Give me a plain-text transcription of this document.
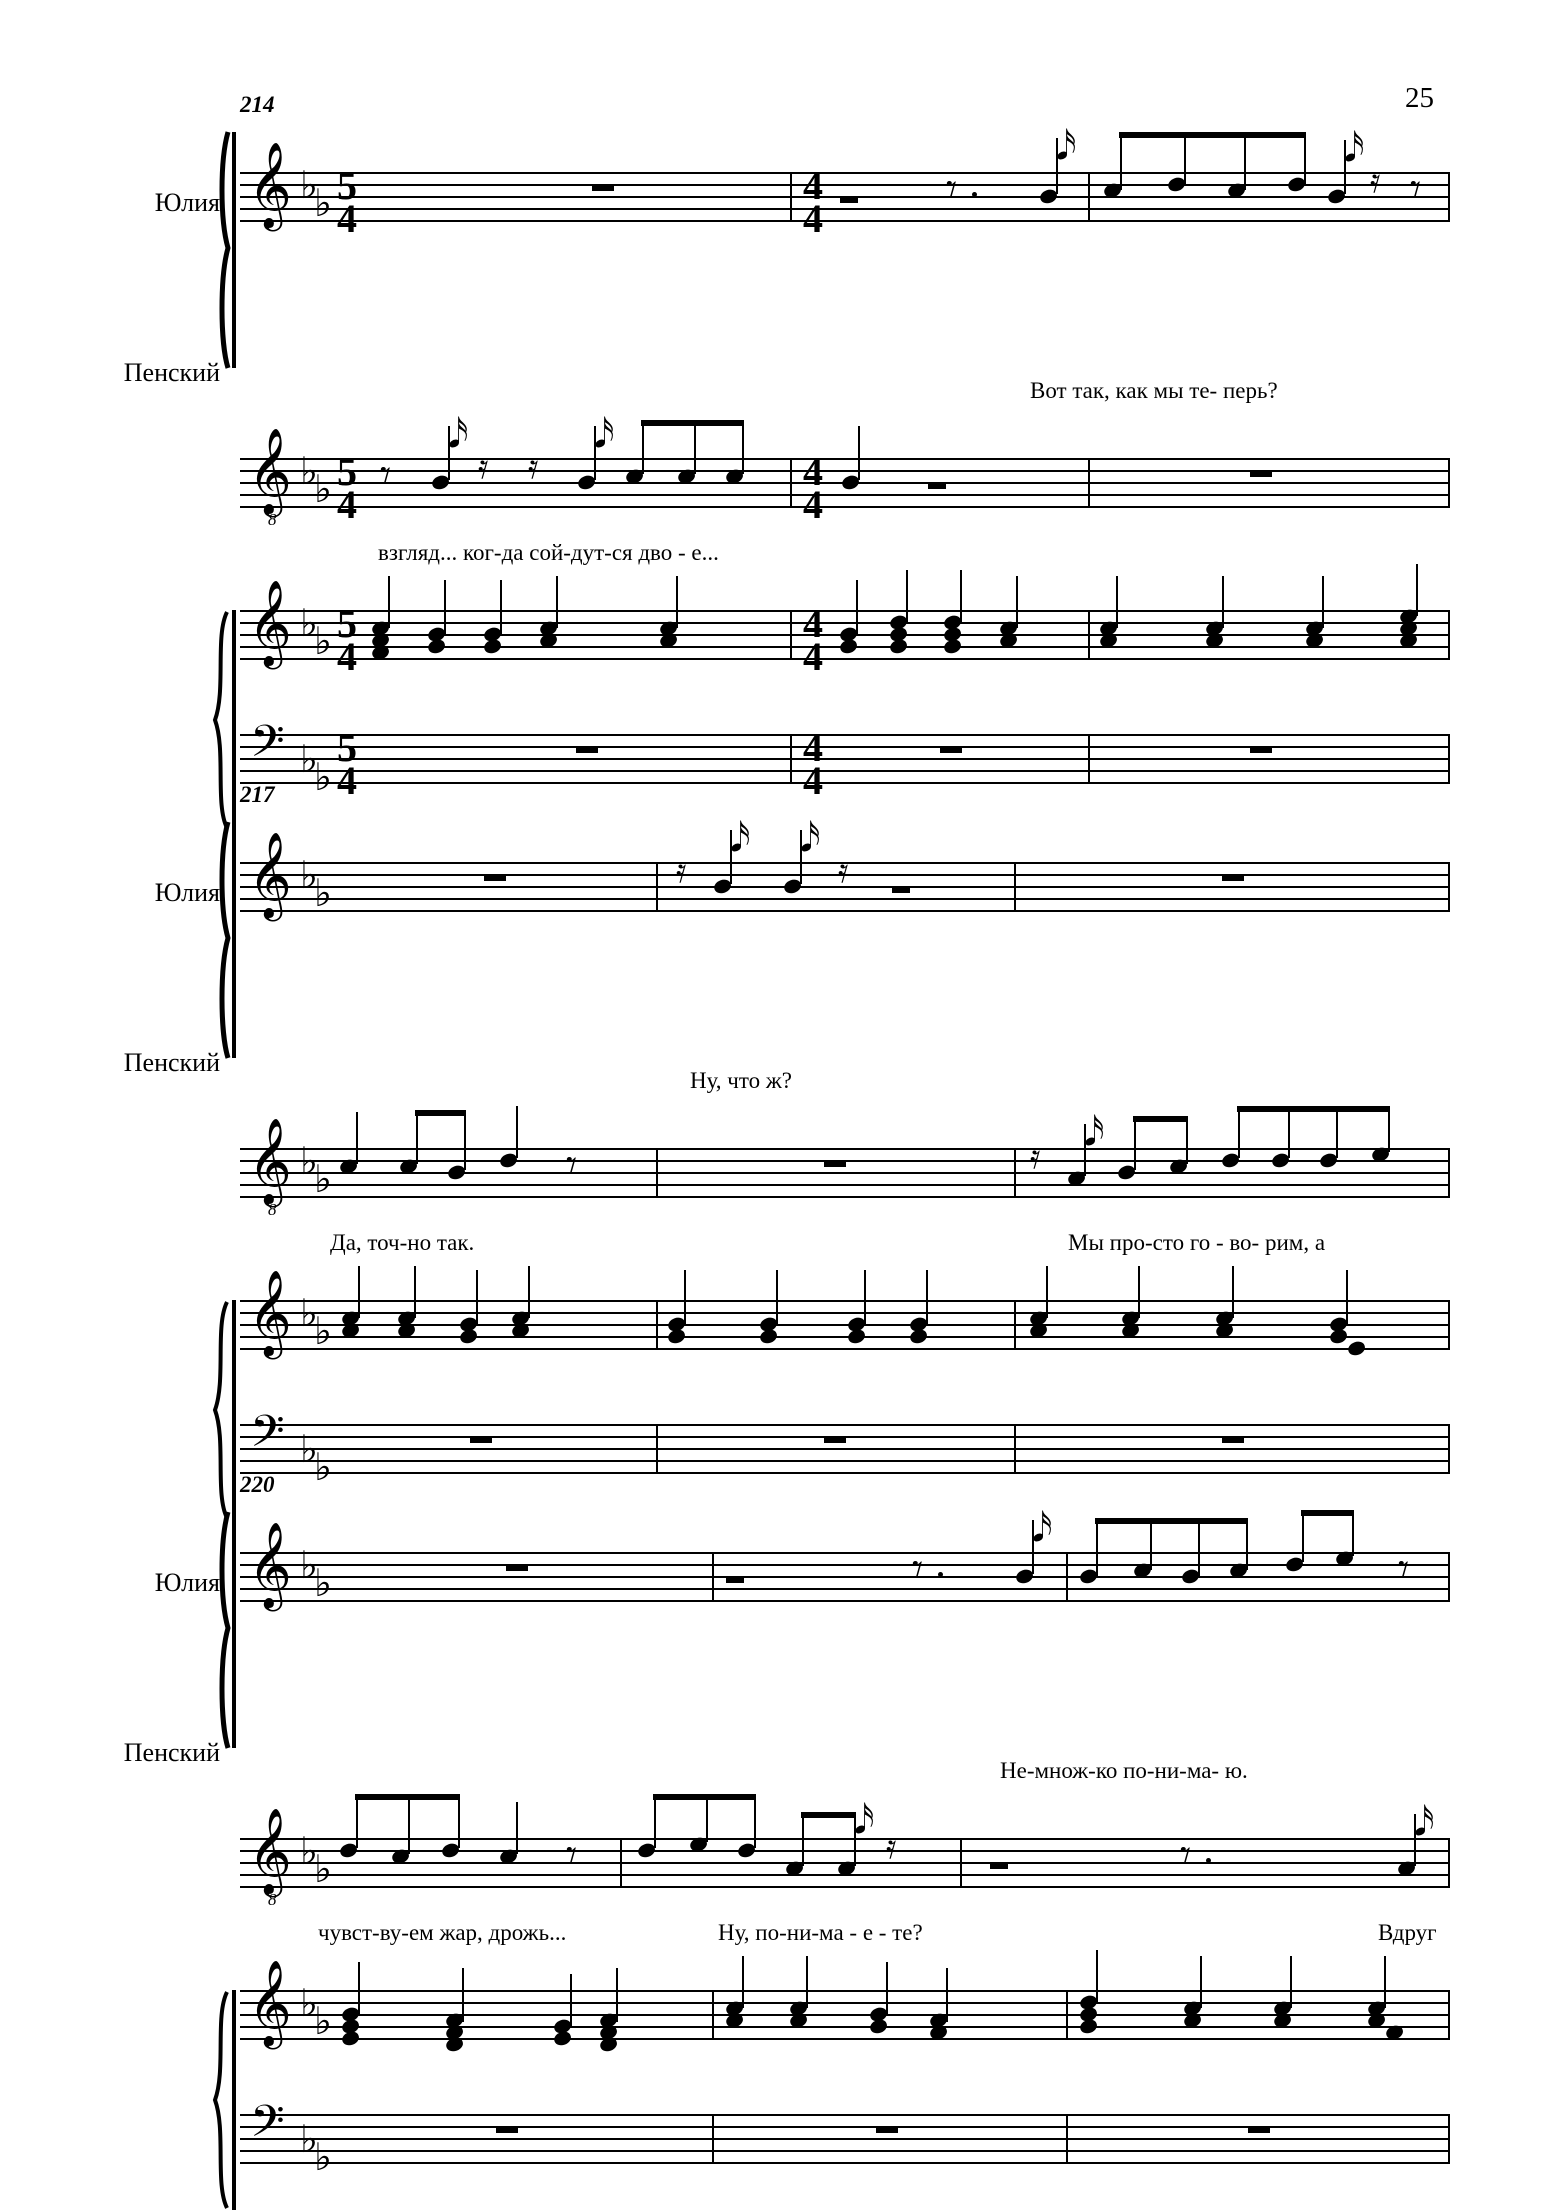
25
214
Юлия
Пенский
𝄞 ♭
♭ 5
4
4
4
𝄾
𝅘𝅥𝅯	𝅘𝅥𝅯
𝄿 𝄾
Вот так, как мы те- перь?
𝄞
8
♭
♭ 5
4
𝄾
𝅘𝅥𝅯
𝄿 𝄿
𝅘𝅥𝅯
4
4
взгляд... ког-да сой-дут-ся дво - е...
𝄞 ♭
♭ 5
4
4
4
𝄢 ♭
♭
5
4
4
4
217
Юлия
Пенский
𝄞 ♭
♭	𝄿
𝅘𝅥𝅯 𝅘𝅥𝅯
𝄿
Ну, что ж?
𝄞
8
♭
♭	𝄾	𝄿
𝅘𝅥𝅯
Да, точ-но так.	Мы про-сто го - во- рим, а
𝄞 ♭
♭
𝄢 ♭
♭
220
Юлия
Пенский
𝄞 ♭
♭	𝄾
𝅘𝅥𝅯
𝄾
Не-множ-ко по-ни-ма- ю.
𝄞
8
♭
♭	𝄾
𝅘𝅥𝅯
𝄿	𝄾
𝅘𝅥𝅯
чувст-ву-ем жар, дрожь...	Ну, по-ни-ма - е - те?	Вдруг
𝄞 ♭
♭
𝄢 ♭
♭
